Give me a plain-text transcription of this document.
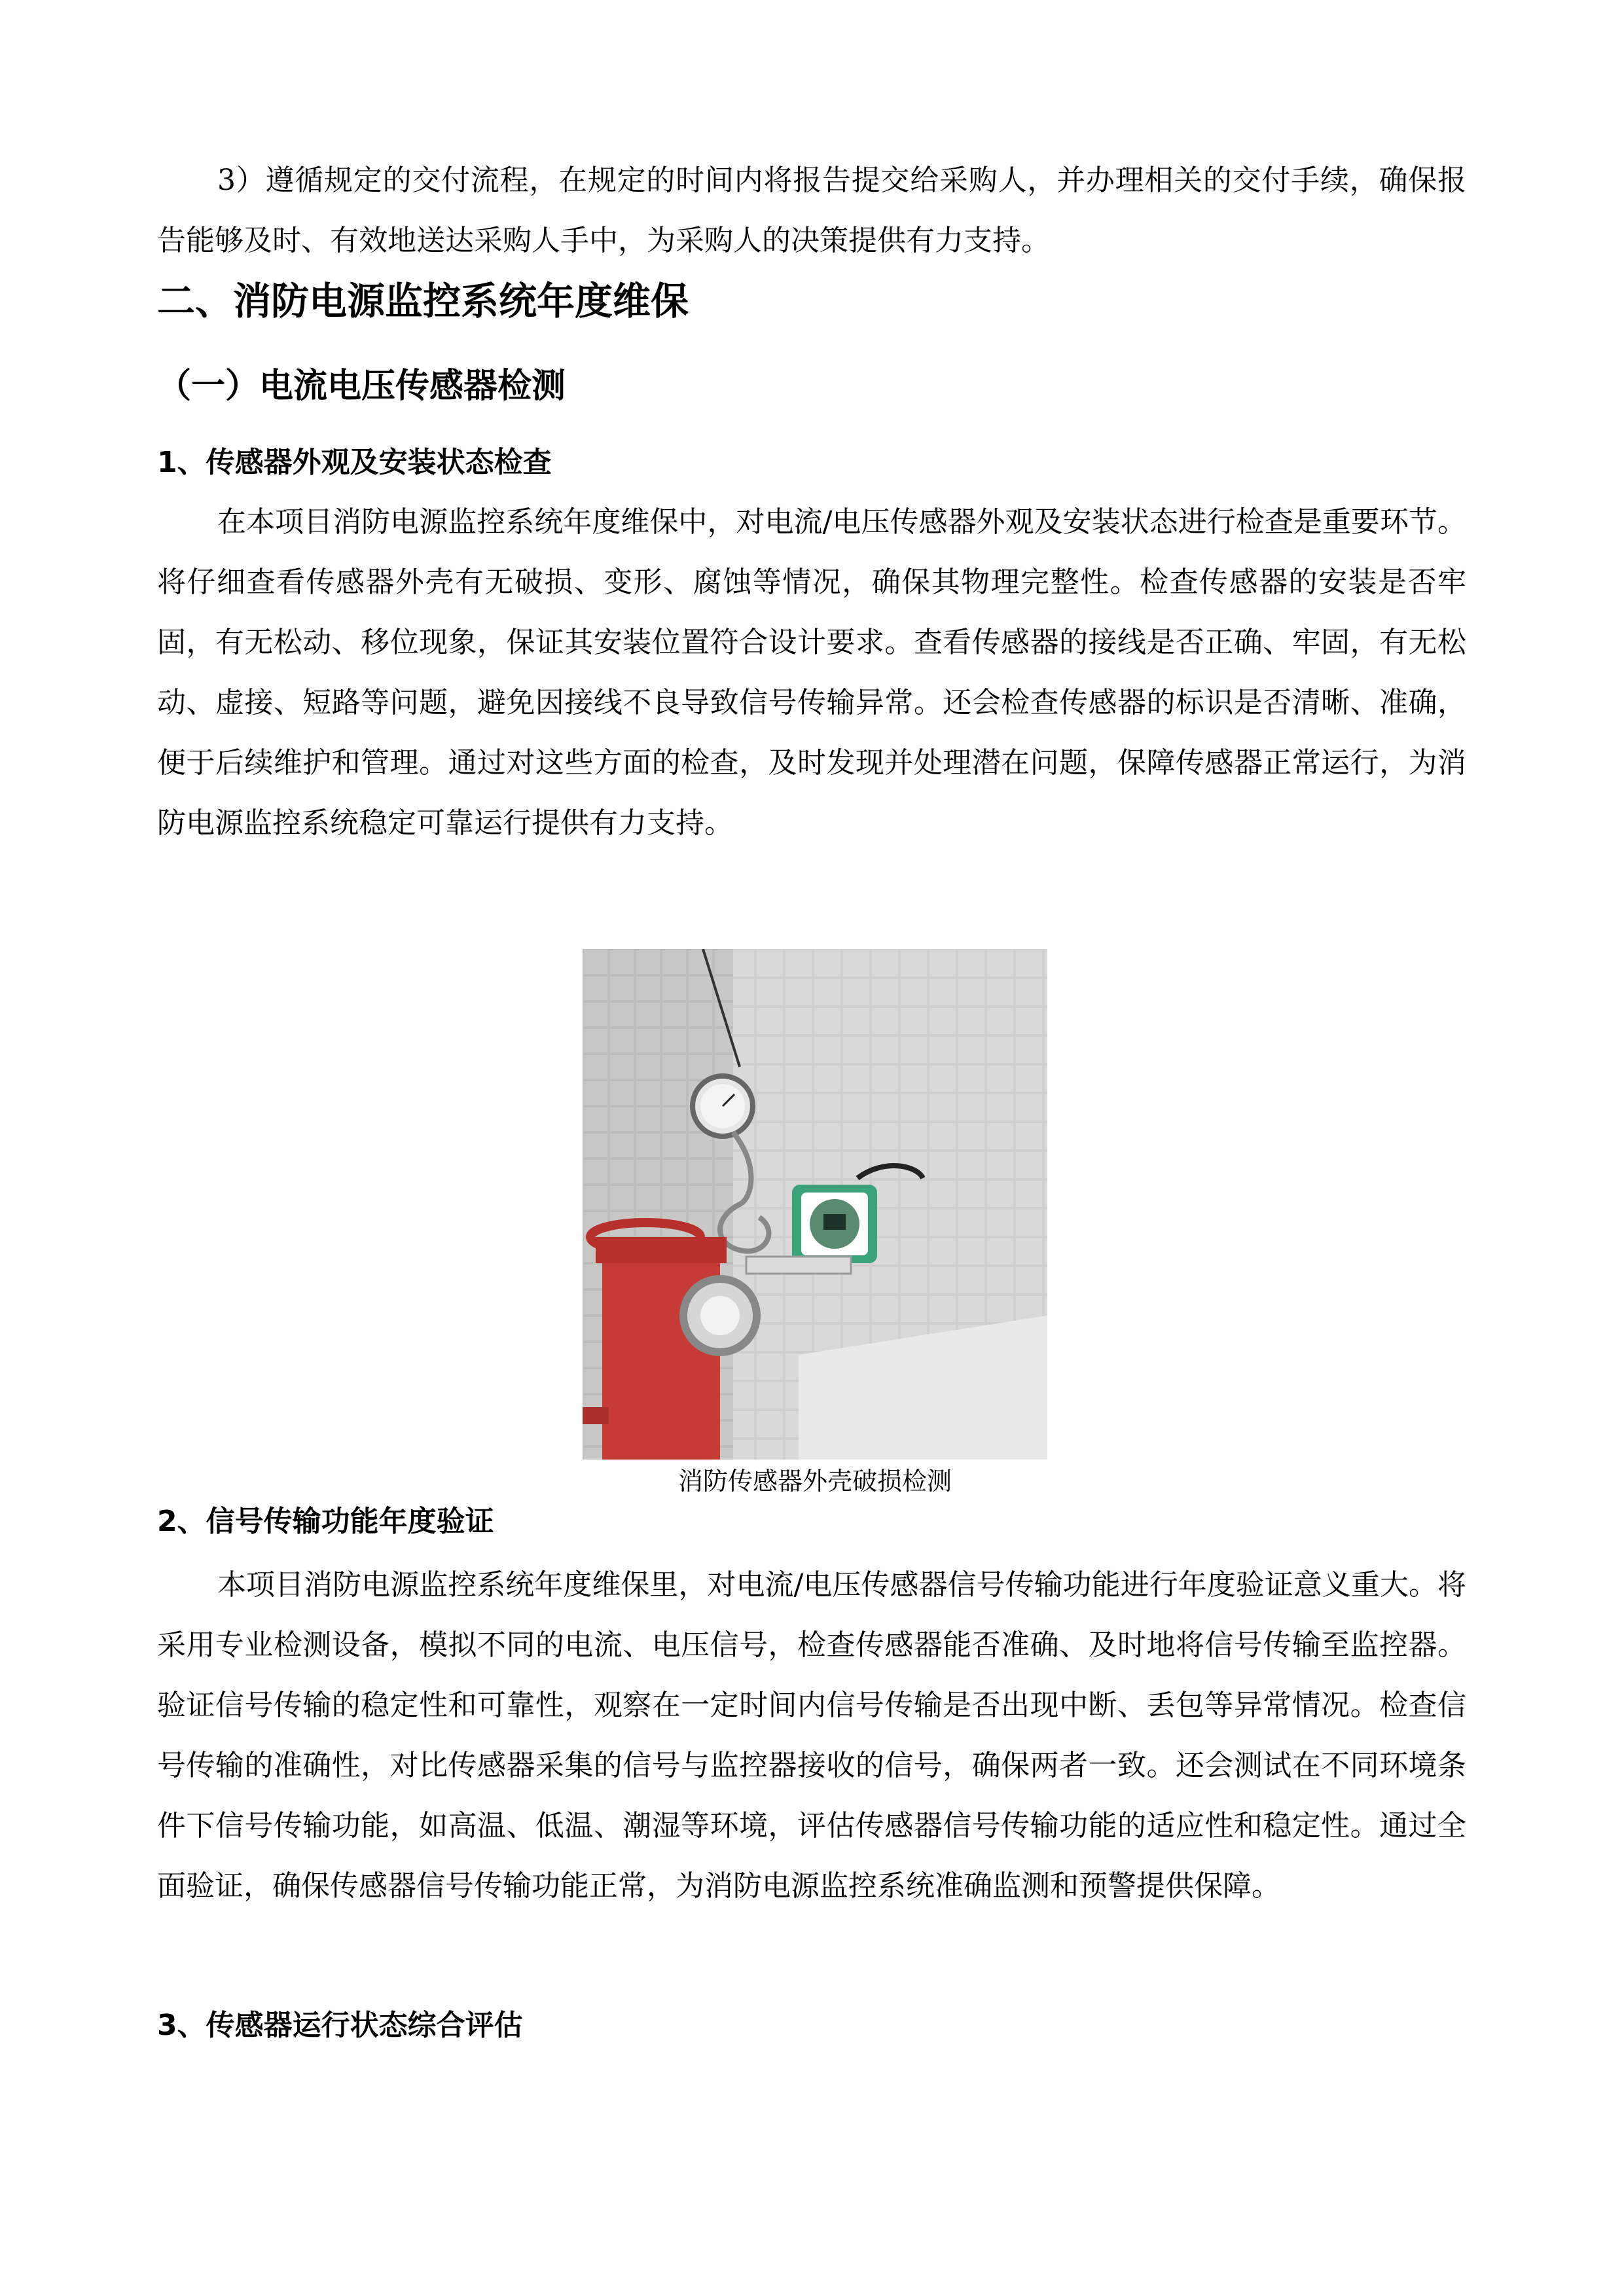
3）遵循规定的交付流程，在规定的时间内将报告提交给采购人，并办理相关的交付手续，确保报告能够及时、有效地送达采购人手中，为采购人的决策提供有力支持。

二、消防电源监控系统年度维保
（一）电流电压传感器检测
1、传感器外观及安装状态检查

在本项目消防电源监控系统年度维保中，对电流/电压传感器外观及安装状态进行检查是重要环节。将仔细查看传感器外壳有无破损、变形、腐蚀等情况，确保其物理完整性。检查传感器的安装是否牢固，有无松动、移位现象，保证其安装位置符合设计要求。查看传感器的接线是否正确、牢固，有无松动、虚接、短路等问题，避免因接线不良导致信号传输异常。还会检查传感器的标识是否清晰、准确，便于后续维护和管理。通过对这些方面的检查，及时发现并处理潜在问题，保障传感器正常运行，为消防电源监控系统稳定可靠运行提供有力支持。

消防传感器外壳破损检测
2、信号传输功能年度验证

本项目消防电源监控系统年度维保里，对电流/电压传感器信号传输功能进行年度验证意义重大。将采用专业检测设备，模拟不同的电流、电压信号，检查传感器能否准确、及时地将信号传输至监控器。验证信号传输的稳定性和可靠性，观察在一定时间内信号传输是否出现中断、丢包等异常情况。检查信号传输的准确性，对比传感器采集的信号与监控器接收的信号，确保两者一致。还会测试在不同环境条件下信号传输功能，如高温、低温、潮湿等环境，评估传感器信号传输功能的适应性和稳定性。通过全面验证，确保传感器信号传输功能正常，为消防电源监控系统准确监测和预警提供保障。

3、传感器运行状态综合评估
